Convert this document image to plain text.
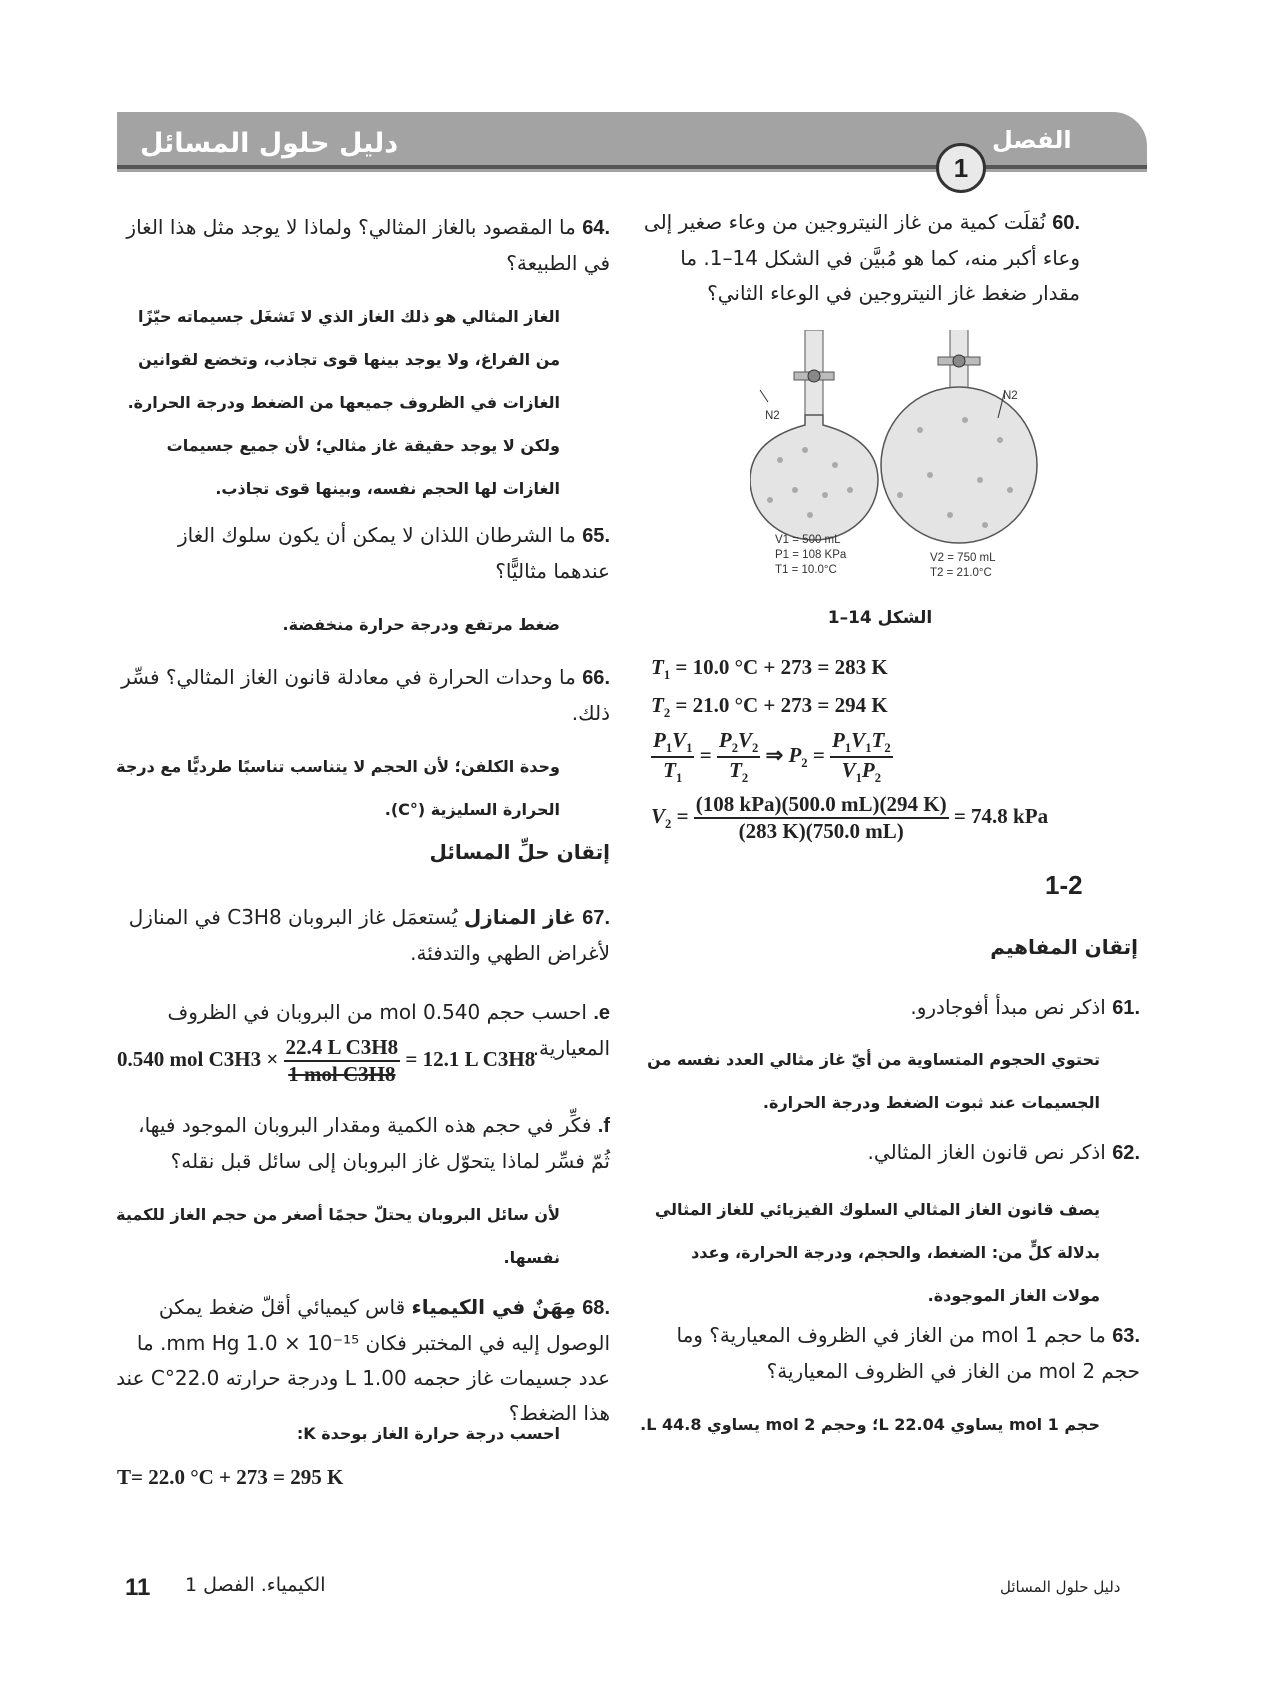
دليل حلول المسائل	الفصل
1
.60 نُقلَت كمية من غاز النيتروجين من وعاء صغير إلى وعاء أكبر منه، كما هو مُبيَّن في الشكل 14–1. ما مقدار ضغط غاز النيتروجين في الوعاء الثاني؟
N2
N2
V1 = 500 mL
P1 = 108 KPa
T1 = 10.0°C
V2 = 750 mL
T2 = 21.0°C
الشكل 14–1
$T_1 = 10.0$ °C + 273 = 283 K
$T_2 = 21.0$ °C + 273 = 294 K
$\frac{P_1V_1}{T_1} = \frac{P_2V_2}{T_2}$ ⇒ $P_2 = \frac{P_1V_1T_2}{V_1P_2}$
$V_2 = \frac{\text{(108 kPa)(500.0 mL)(294 K)}}{(283 K)(750.0 mL)} = 74.8$ kPa
1-2
إتقان المفاهيم
.61 اذكر نص مبدأ أفوجادرو.
تحتوي الحجوم المتساوية من أيّ غاز مثالي العدد نفسه من الجسيمات عند ثبوت الضغط ودرجة الحرارة.
.62 اذكر نص قانون الغاز المثالي.
يصف قانون الغاز المثالي السلوك الفيزيائي للغاز المثالي بدلالة كلٍّ من: الضغط، والحجم، ودرجة الحرارة، وعدد مولات الغاز الموجودة.
.63 ما حجم 1 mol من الغاز في الظروف المعيارية؟ وما حجم 2 mol من الغاز في الظروف المعيارية؟
حجم 1 mol يساوي 22.04 L؛ وحجم 2 mol يساوي 44.8 L.
.64 ما المقصود بالغاز المثالي؟ ولماذا لا يوجد مثل هذا الغاز في الطبيعة؟
الغاز المثالي هو ذلك الغاز الذي لا تَشغَل جسيماته حيّزًا من الفراغ، ولا يوجد بينها قوى تجاذب، وتخضع لقوانين الغازات في الظروف جميعها من الضغط ودرجة الحرارة. ولكن لا يوجد حقيقة غاز مثالي؛ لأن جميع جسيمات الغازات لها الحجم نفسه، وبينها قوى تجاذب.
.65 ما الشرطان اللذان لا يمكن أن يكون سلوك الغاز عندهما مثاليًّا؟
ضغط مرتفع ودرجة حرارة منخفضة.
.66 ما وحدات الحرارة في معادلة قانون الغاز المثالي؟ فسِّر ذلك.
وحدة الكلفن؛ لأن الحجم لا يتناسب تناسبًا طرديًّا مع درجة الحرارة السليزية (°C).
إتقان حلِّ المسائل
.67 غاز المنازل يُستعمَل غاز البروبان C3H8 في المنازل لأغراض الطهي والتدفئة.
e. احسب حجم 0.540 mol من البروبان في الظروف المعيارية.
0.540 mol $C3H3 \times \frac{\text{22.4 L C3H8}}{\text{1 mol C3H8}} = 12.1$ L C3H8
f. فكِّر في حجم هذه الكمية ومقدار البروبان الموجود فيها، ثُمّ فسِّر لماذا يتحوّل غاز البروبان إلى سائل قبل نقله؟
لأن سائل البروبان يحتلّ حجمًا أصغر من حجم الغاز للكمية نفسها.
.68 مِهَنٌ في الكيمياء قاس كيميائي أقلّ ضغط يمكن الوصول إليه في المختبر فكان mm Hg 1.0 × 10⁻¹⁵. ما عدد جسيمات غاز حجمه 1.00 L ودرجة حرارته 22.0°C عند هذا الضغط؟
احسب درجة حرارة الغاز بوحدة K:
T= 22.0 °C + 273 = 295 K
11 الكيمياء. الفصل 1	دليل حلول المسائل
